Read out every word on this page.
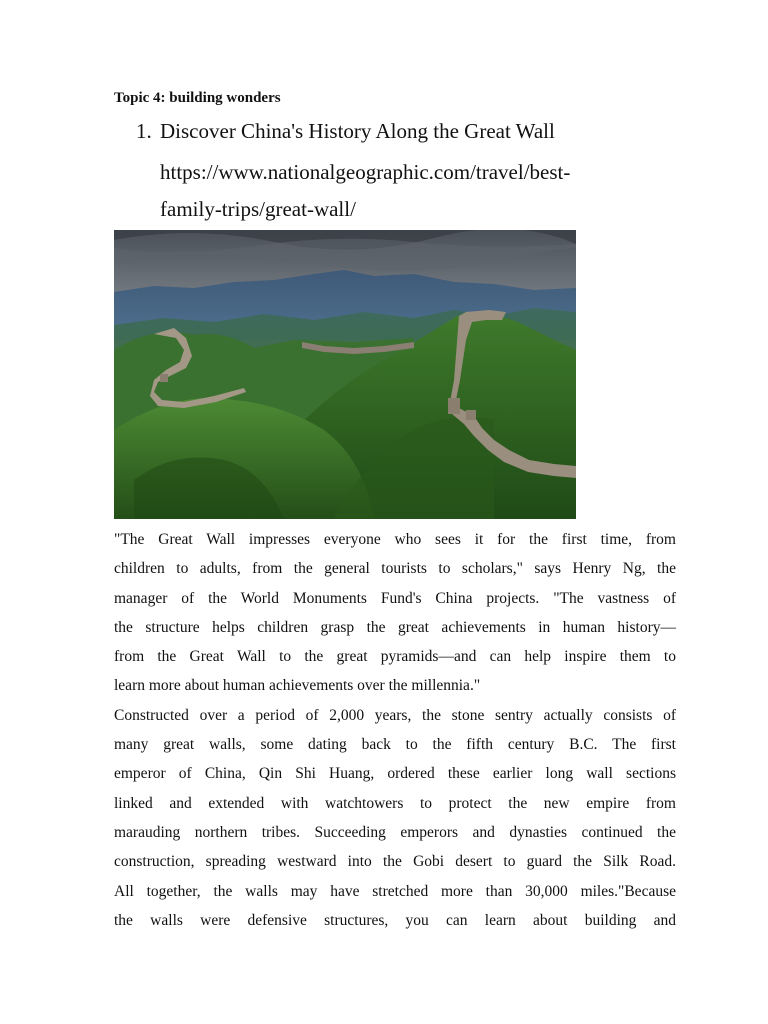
Topic 4: building wonders
1. Discover China's History Along the Great Wall
https://www.nationalgeographic.com/travel/best-
family-trips/great-wall/
"The Great Wall impresses everyone who sees it for the first time, from
children to adults, from the general tourists to scholars," says Henry Ng, the
manager of the World Monuments Fund's China projects. "The vastness of
the structure helps children grasp the great achievements in human history—
from the Great Wall to the great pyramids—and can help inspire them to
learn more about human achievements over the millennia."
Constructed over a period of 2,000 years, the stone sentry actually consists of
many great walls, some dating back to the fifth century B.C. The first
emperor of China, Qin Shi Huang, ordered these earlier long wall sections
linked and extended with watchtowers to protect the new empire from
marauding northern tribes. Succeeding emperors and dynasties continued the
construction, spreading westward into the Gobi desert to guard the Silk Road.
All together, the walls may have stretched more than 30,000 miles."Because
the walls were defensive structures, you can learn about building and
